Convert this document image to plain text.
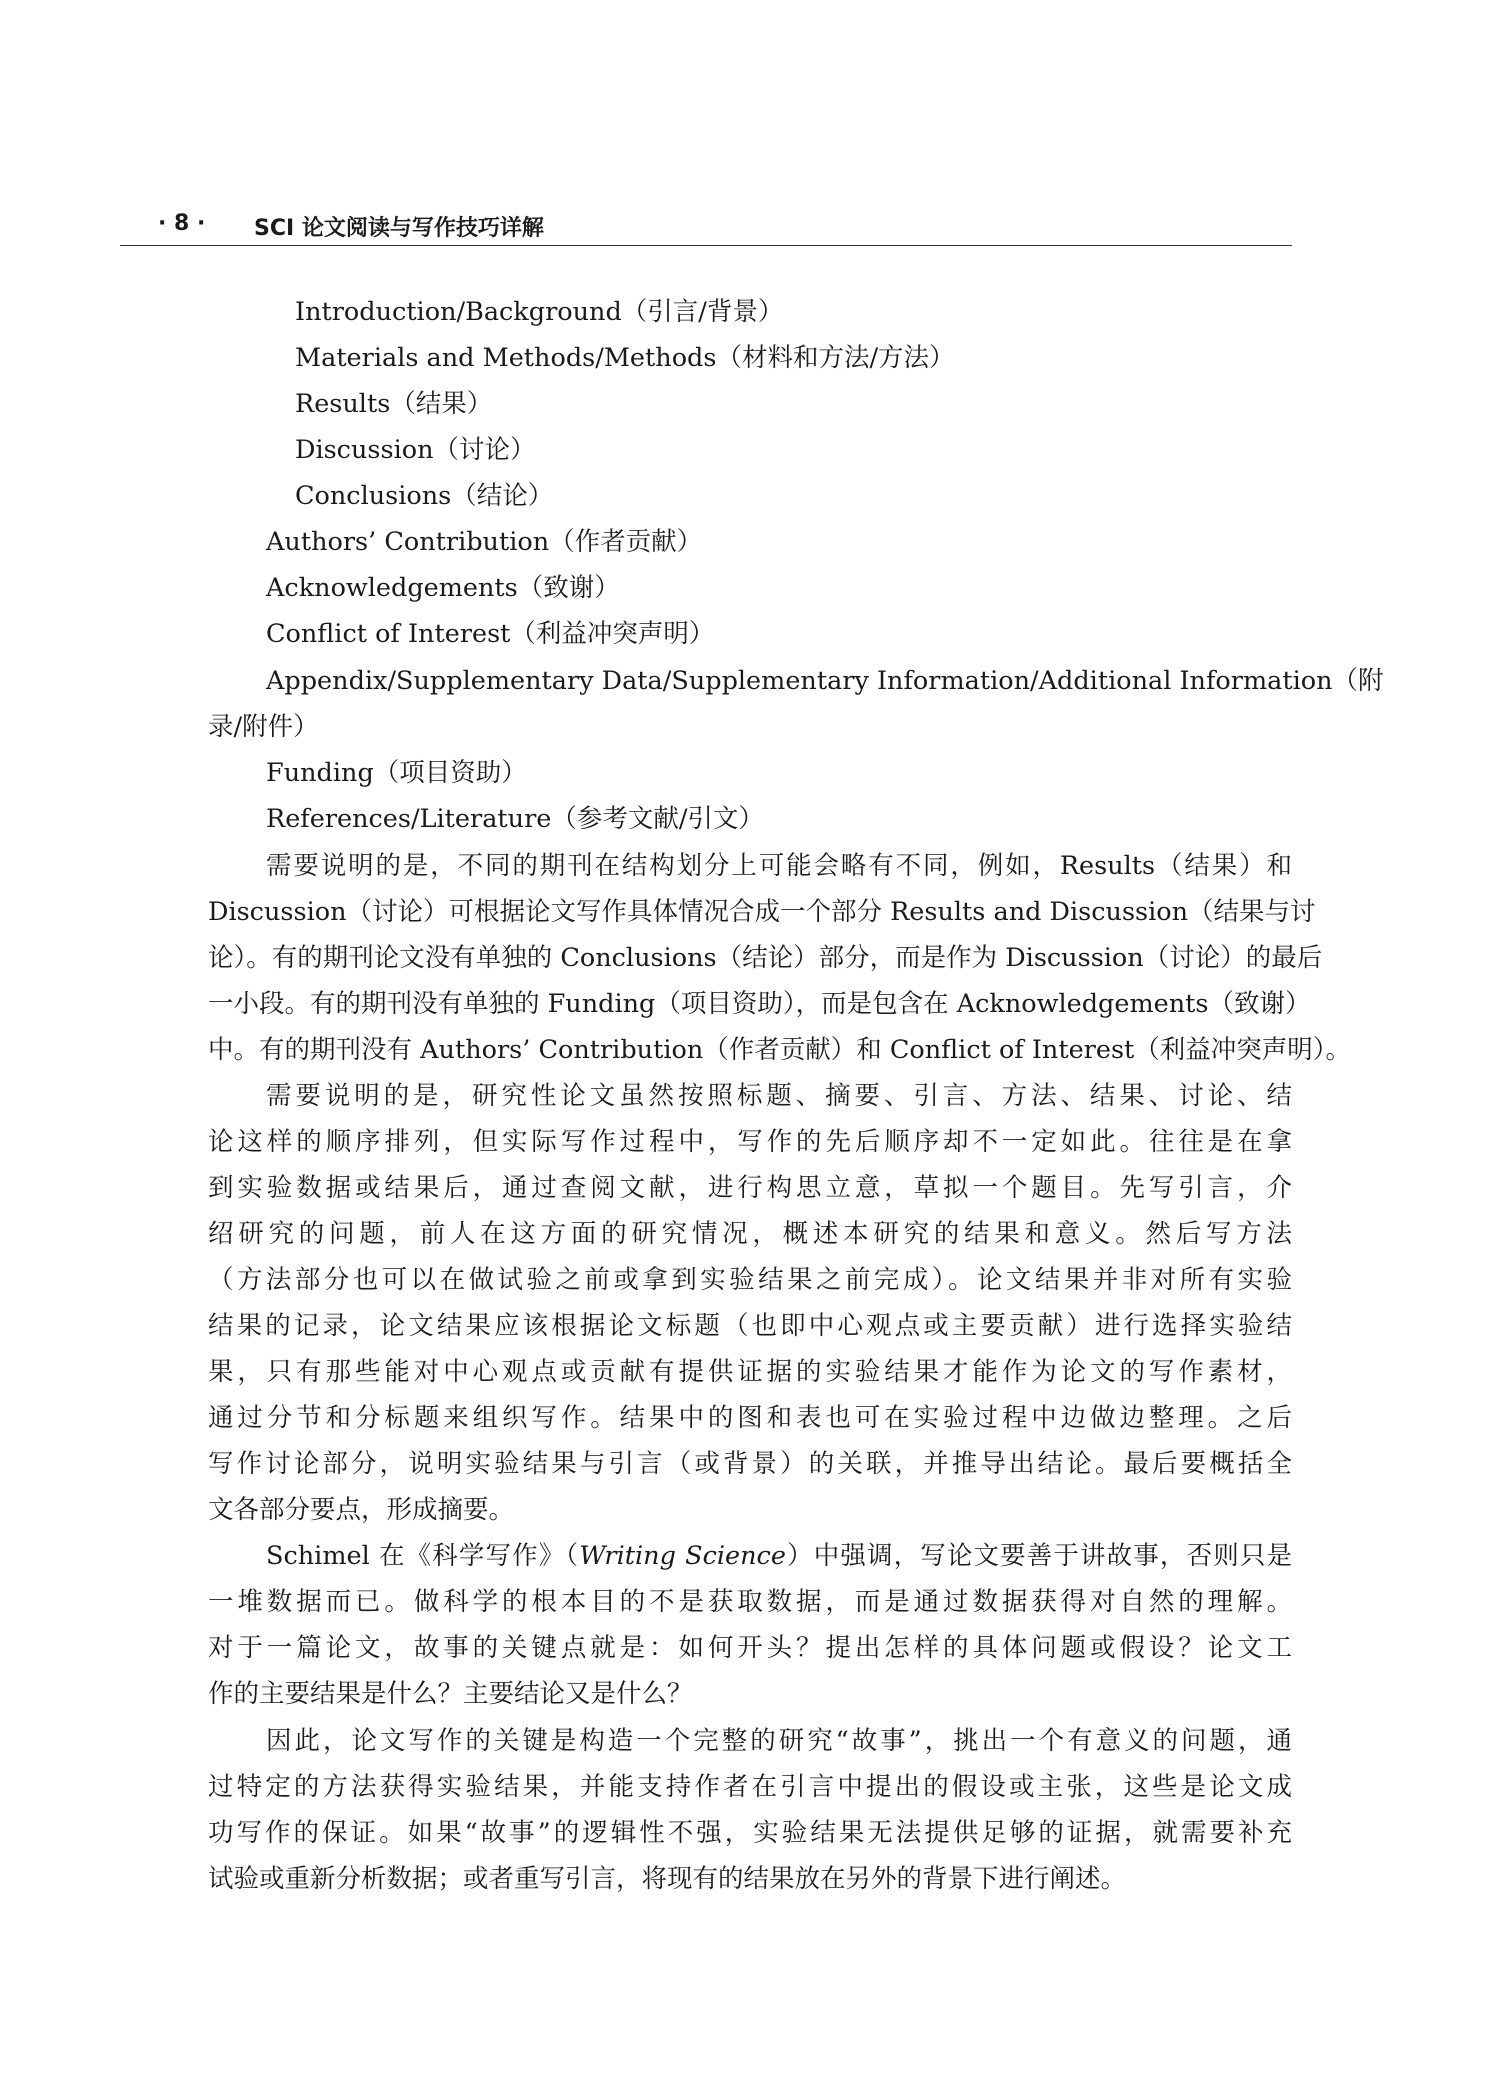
· 8 · SCI 论文阅读与写作技巧详解
Introduction/Background（引言/背景）
Materials and Methods/Methods（材料和方法/方法）
Results（结果）
Discussion（讨论）
Conclusions（结论）
Authors’ Contribution（作者贡献）
Acknowledgements（致谢）
Conflict of Interest（利益冲突声明）
Appendix/Supplementary Data/Supplementary Information/Additional Information（附
录/附件）
Funding（项目资助）
References/Literature（参考文献/引文）
需要说明的是，不同的期刊在结构划分上可能会略有不同，例如，Results（结果）和
Discussion（讨论）可根据论文写作具体情况合成一个部分 Results and Discussion（结果与讨
论）。有的期刊论文没有单独的 Conclusions（结论）部分，而是作为 Discussion（讨论）的最后
一小段。有的期刊没有单独的 Funding（项目资助），而是包含在 Acknowledgements（致谢）
中。有的期刊没有 Authors’ Contribution（作者贡献）和 Conflict of Interest（利益冲突声明）。
需要说明的是，研究性论文虽然按照标题、摘要、引言、方法、结果、讨论、结
论这样的顺序排列，但实际写作过程中，写作的先后顺序却不一定如此。往往是在拿
到实验数据或结果后，通过查阅文献，进行构思立意，草拟一个题目。先写引言，介
绍研究的问题，前人在这方面的研究情况，概述本研究的结果和意义。然后写方法
（方法部分也可以在做试验之前或拿到实验结果之前完成）。论文结果并非对所有实验
结果的记录，论文结果应该根据论文标题（也即中心观点或主要贡献）进行选择实验结
果，只有那些能对中心观点或贡献有提供证据的实验结果才能作为论文的写作素材，
通过分节和分标题来组织写作。结果中的图和表也可在实验过程中边做边整理。之后
写作讨论部分，说明实验结果与引言（或背景）的关联，并推导出结论。最后要概括全
文各部分要点，形成摘要。
Schimel 在《科学写作》（Writing Science）中强调，写论文要善于讲故事，否则只是
一堆数据而已。做科学的根本目的不是获取数据，而是通过数据获得对自然的理解。
对于一篇论文，故事的关键点就是：如何开头？提出怎样的具体问题或假设？论文工
作的主要结果是什么？主要结论又是什么？
因此，论文写作的关键是构造一个完整的研究“故事”，挑出一个有意义的问题，通
过特定的方法获得实验结果，并能支持作者在引言中提出的假设或主张，这些是论文成
功写作的保证。如果“故事”的逻辑性不强，实验结果无法提供足够的证据，就需要补充
试验或重新分析数据；或者重写引言，将现有的结果放在另外的背景下进行阐述。
